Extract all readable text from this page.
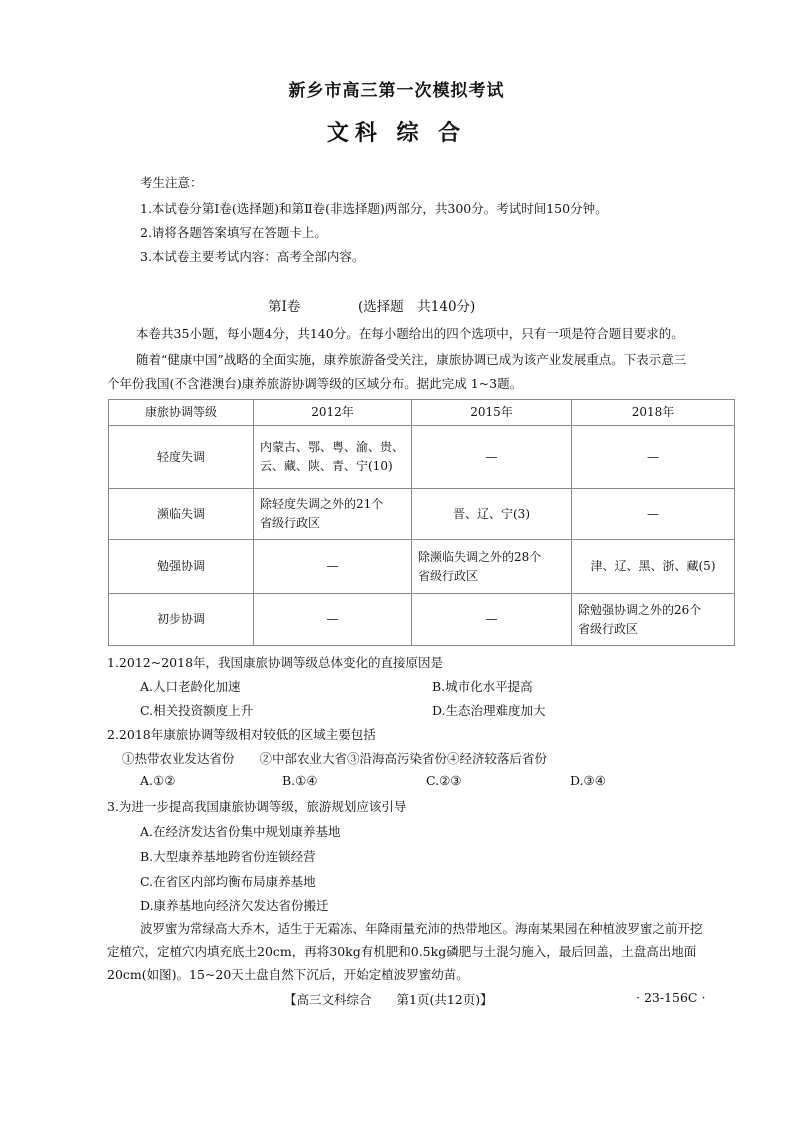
新乡市高三第一次模拟考试
文科 综 合
考生注意：
1.本试卷分第Ⅰ卷(选择题)和第Ⅱ卷(非选择题)两部分，共300分。考试时间150分钟。
2.请将各题答案填写在答题卡上。
3.本试卷主要考试内容：高考全部内容。
第Ⅰ卷	(选择题　共140分)
本卷共35小题，每小题4分，共140分。在每小题给出的四个选项中，只有一项是符合题目要求的。
随着“健康中国”战略的全面实施，康养旅游备受关注，康旅协调已成为该产业发展重点。下表示意三
个年份我国(不含港澳台)康养旅游协调等级的区域分布。据此完成 1~3题。
康旅协调等级	2012年	2015年	2018年
轻度失调	内蒙古、鄂、粤、渝、贵、
云、藏、陕、青、宁(10)	—	—
濒临失调	除轻度失调之外的21个
省级行政区	晋、辽、宁(3)	—
勉强协调	—	除濒临失调之外的28个
省级行政区	津、辽、黑、浙、藏(5)
初步协调	—	—	除勉强协调之外的26个
省级行政区
1.2012~2018年，我国康旅协调等级总体变化的直接原因是
A.人口老龄化加速	B.城市化水平提高
C.相关投资额度上升	D.生态治理难度加大
2.2018年康旅协调等级相对较低的区域主要包括
①热带农业发达省份　　②中部农业大省③沿海高污染省份④经济较落后省份
A.①②	B.①④	C.②③	D.③④
3.为进一步提高我国康旅协调等级，旅游规划应该引导
A.在经济发达省份集中规划康养基地
B.大型康养基地跨省份连锁经营
C.在省区内部均衡布局康养基地
D.康养基地向经济欠发达省份搬迁
波罗蜜为常绿高大乔木，适生于无霜冻、年降雨量充沛的热带地区。海南某果园在种植波罗蜜之前开挖
定植穴，定植穴内填充底土20cm，再将30kg有机肥和0.5kg磷肥与土混匀施入，最后回盖，土盘高出地面
20cm(如图)。15~20天土盘自然下沉后，开始定植波罗蜜幼苗。
【高三文科综合　　第1页(共12页)】	· 23-156C ·
